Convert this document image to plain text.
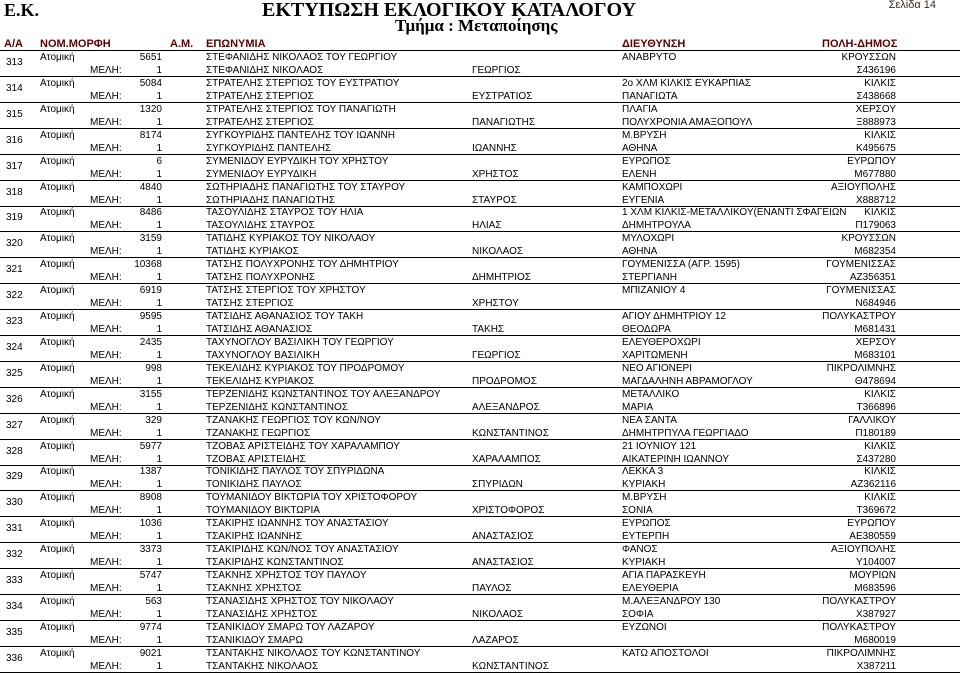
Ε.Κ.	ΕΚΤΥΠΩΣΗ ΕΚΛΟΓΙΚΟΥ ΚΑΤΑΛΟΓΟΥ
Τμήμα : Μεταποίησης
Σελίδα 14
Α/Α ΝΟΜ.ΜΟΡΦΗ	Α.Μ. ΕΠΩΝΥΜΙΑ	ΔΙΕΥΘΥΝΣΗ	ΠΟΛΗ-ΔΗΜΟΣ
313 Ατομική	5651	ΣΤΕΦΑΝΙΔΗΣ ΝΙΚΟΛΑΟΣ ΤΟΥ ΓΕΩΡΓΙΟΥ	ΑΝΑΒΡΥΤΟ	ΚΡΟΥΣΣΩΝ
ΜΕΛΗ:	1	ΣΤΕΦΑΝΙΔΗΣ ΝΙΚΟΛΑΟΣ	ΓΕΩΡΓΙΟΣ	Σ436196
314 Ατομική	5084	ΣΤΡΑΤΕΛΗΣ ΣΤΕΡΓΙΟΣ ΤΟΥ ΕΥΣΤΡΑΤΙΟΥ	2ο ΧΛΜ ΚΙΛΚΙΣ ΕΥΚΑΡΠΙΑΣ	ΚΙΛΚΙΣ
ΜΕΛΗ:	1	ΣΤΡΑΤΕΛΗΣ ΣΤΕΡΓΙΟΣ	ΕΥΣΤΡΑΤΙΟΣ	ΠΑΝΑΓΙΩΤΑ	Σ438668
315 Ατομική	1320	ΣΤΡΑΤΕΛΗΣ ΣΤΕΡΓΙΟΣ ΤΟΥ ΠΑΝΑΓΙΩΤΗ	ΠΛΑΓΙΑ	ΧΕΡΣΟΥ
ΜΕΛΗ:	1	ΣΤΡΑΤΕΛΗΣ ΣΤΕΡΓΙΟΣ	ΠΑΝΑΓΙΩΤΗΣ	ΠΟΛΥΧΡΟΝΙΑ ΑΜΑΞΟΠΟΥΛ	Ξ888973
316 Ατομική	8174	ΣΥΓΚΟΥΡΙΔΗΣ ΠΑΝΤΕΛΗΣ ΤΟΥ ΙΩΑΝΝΗ	Μ.ΒΡΥΣΗ	ΚΙΛΚΙΣ
ΜΕΛΗ:	1	ΣΥΓΚΟΥΡΙΔΗΣ ΠΑΝΤΕΛΗΣ	ΙΩΑΝΝΗΣ	ΑΘΗΝΑ	Κ495675
317 Ατομική	6	ΣΥΜΕΝΙΔΟΥ ΕΥΡΥΔΙΚΗ ΤΟΥ ΧΡΗΣΤΟΥ	ΕΥΡΩΠΟΣ	ΕΥΡΩΠΟΥ
ΜΕΛΗ:	1	ΣΥΜΕΝΙΔΟΥ ΕΥΡΥΔΙΚΗ	ΧΡΗΣΤΟΣ	ΕΛΕΝΗ	Μ677880
318 Ατομική	4840	ΣΩΤΗΡΙΑΔΗΣ ΠΑΝΑΓΙΩΤΗΣ ΤΟΥ ΣΤΑΥΡΟΥ	ΚΑΜΠΟΧΩΡΙ	ΑΞΙΟΥΠΟΛΗΣ
ΜΕΛΗ:	1	ΣΩΤΗΡΙΑΔΗΣ ΠΑΝΑΓΙΩΤΗΣ	ΣΤΑΥΡΟΣ	ΕΥΓΕΝΙΑ	Χ888712
319 Ατομική	8486	ΤΑΣΟΥΛΙΔΗΣ ΣΤΑΥΡΟΣ ΤΟΥ ΗΛΙΑ	1 ΧΛΜ ΚΙΛΚΙΣ-ΜΕΤΑΛΛΙΚΟΥ(ΕΝΑΝΤΙ ΣΦΑΓΕΙΩΝ ΚΙΛΚΙΣ
ΜΕΛΗ:	1	ΤΑΣΟΥΛΙΔΗΣ ΣΤΑΥΡΟΣ	ΗΛΙΑΣ	ΔΗΜΗΤΡΟΥΛΑ	Π179063
320 Ατομική	3159	ΤΑΤΙΔΗΣ ΚΥΡΙΑΚΟΣ ΤΟΥ ΝΙΚΟΛΑΟΥ	ΜΥΛΟΧΩΡΙ	ΚΡΟΥΣΣΩΝ
ΜΕΛΗ:	1	ΤΑΤΙΔΗΣ ΚΥΡΙΑΚΟΣ	ΝΙΚΟΛΑΟΣ	ΑΘΗΝΑ	Μ682354
321 Ατομική	10368	ΤΑΤΣΗΣ ΠΟΛΥΧΡΟΝΗΣ ΤΟΥ ΔΗΜΗΤΡΙΟΥ	ΓΟΥΜΕΝΙΣΣΑ (ΑΓΡ. 1595)	ΓΟΥΜΕΝΙΣΣΑΣ
ΜΕΛΗ:	1	ΤΑΤΣΗΣ ΠΟΛΥΧΡΟΝΗΣ	ΔΗΜΗΤΡΙΟΣ	ΣΤΕΡΓΙΑΝΗ	ΑΖ356351
322 Ατομική	6919	ΤΑΤΣΗΣ ΣΤΕΡΓΙΟΣ ΤΟΥ ΧΡΗΣΤΟΥ	ΜΠΙΖΑΝΙΟΥ 4	ΓΟΥΜΕΝΙΣΣΑΣ
ΜΕΛΗ:	1	ΤΑΤΣΗΣ ΣΤΕΡΓΙΟΣ	ΧΡΗΣΤΟΥ	Ν684946
323 Ατομική	9595	ΤΑΤΣΙΔΗΣ ΑΘΑΝΑΣΙΟΣ ΤΟΥ ΤΑΚΗ	ΑΓΙΟΥ ΔΗΜΗΤΡΙΟΥ 12	ΠΟΛΥΚΑΣΤΡΟΥ
ΜΕΛΗ:	1	ΤΑΤΣΙΔΗΣ ΑΘΑΝΑΣΙΟΣ	ΤΑΚΗΣ	ΘΕΟΔΩΡΑ	Μ681431
324 Ατομική	2435	ΤΑΧΥΝΟΓΛΟΥ ΒΑΣΙΛΙΚΗ ΤΟΥ ΓΕΩΡΓΙΟΥ	ΕΛΕΥΘΕΡΟΧΩΡΙ	ΧΕΡΣΟΥ
ΜΕΛΗ:	1	ΤΑΧΥΝΟΓΛΟΥ ΒΑΣΙΛΙΚΗ	ΓΕΩΡΓΙΟΣ	ΧΑΡΙΤΩΜΕΝΗ	Μ683101
325 Ατομική	998	ΤΕΚΕΛΙΔΗΣ ΚΥΡΙΑΚΟΣ ΤΟΥ ΠΡΟΔΡΟΜΟΥ	ΝΕΟ ΑΓΙΟΝΕΡΙ	ΠΙΚΡΟΛΙΜΝΗΣ
ΜΕΛΗ:	1	ΤΕΚΕΛΙΔΗΣ ΚΥΡΙΑΚΟΣ	ΠΡΟΔΡΟΜΟΣ	ΜΑΓΔΑΛΗΝΗ ΑΒΡΑΜΟΓΛΟΥ	Θ478694
326 Ατομική	3155	ΤΕΡΖΕΝΙΔΗΣ ΚΩΝΣΤΑΝΤΙΝΟΣ ΤΟΥ ΑΛΕΞΑΝΔΡΟΥ	ΜΕΤΑΛΛΙΚΟ	ΚΙΛΚΙΣ
ΜΕΛΗ:	1	ΤΕΡΖΕΝΙΔΗΣ ΚΩΝΣΤΑΝΤΙΝΟΣ	ΑΛΕΞΑΝΔΡΟΣ	ΜΑΡΙΑ	Τ366896
327 Ατομική	329	ΤΖΑΝΑΚΗΣ ΓΕΩΡΓΙΟΣ ΤΟΥ ΚΩΝ/ΝΟΥ	ΝΕΑ ΣΑΝΤΑ	ΓΑΛΛΙΚΟΥ
ΜΕΛΗ:	1	ΤΖΑΝΑΚΗΣ ΓΕΩΡΓΙΟΣ	ΚΩΝΣΤΑΝΤΙΝΟΣ	ΔΗΜΗΤΡΠΥΛΑ ΓΕΩΡΓΙΑΔΟ	Π180189
328 Ατομική	5977	ΤΖΟΒΑΣ ΑΡΙΣΤΕΙΔΗΣ ΤΟΥ ΧΑΡΑΛΑΜΠΟΥ	21 ΙΟΥΝΙΟΥ 121	ΚΙΛΚΙΣ
ΜΕΛΗ:	1	ΤΖΟΒΑΣ ΑΡΙΣΤΕΙΔΗΣ	ΧΑΡΑΛΑΜΠΟΣ	ΑΙΚΑΤΕΡΙΝΗ ΙΩΑΝΝΟΥ	Σ437280
329 Ατομική	1387	ΤΟΝΙΚΙΔΗΣ ΠΑΥΛΟΣ ΤΟΥ ΣΠΥΡΙΔΩΝΑ	ΛΕΚΚΑ 3	ΚΙΛΚΙΣ
ΜΕΛΗ:	1	ΤΟΝΙΚΙΔΗΣ ΠΑΥΛΟΣ	ΣΠΥΡΙΔΩΝ	ΚΥΡΙΑΚΗ	ΑΖ362116
330 Ατομική	8908	ΤΟΥΜΑΝΙΔΟΥ ΒΙΚΤΩΡΙΑ ΤΟΥ ΧΡΙΣΤΟΦΟΡΟΥ	Μ.ΒΡΥΣΗ	ΚΙΛΚΙΣ
ΜΕΛΗ:	1	ΤΟΥΜΑΝΙΔΟΥ ΒΙΚΤΩΡΙΑ	ΧΡΙΣΤΟΦΟΡΟΣ	ΣΟΝΙΑ	Τ369672
331 Ατομική	1036	ΤΣΑΚΙΡΗΣ ΙΩΑΝΝΗΣ ΤΟΥ ΑΝΑΣΤΑΣΙΟΥ	ΕΥΡΩΠΟΣ	ΕΥΡΩΠΟΥ
ΜΕΛΗ:	1	ΤΣΑΚΙΡΗΣ ΙΩΑΝΝΗΣ	ΑΝΑΣΤΑΣΙΟΣ	ΕΥΤΕΡΠΗ	ΑΕ380559
332 Ατομική	3373	ΤΣΑΚΙΡΙΔΗΣ ΚΩΝ/ΝΟΣ ΤΟΥ ΑΝΑΣΤΑΣΙΟΥ	ΦΑΝΟΣ	ΑΞΙΟΥΠΟΛΗΣ
ΜΕΛΗ:	1	ΤΣΑΚΙΡΙΔΗΣ ΚΩΝΣΤΑΝΤΙΝΟΣ	ΑΝΑΣΤΑΣΙΟΣ	ΚΥΡΙΑΚΗ	Υ104007
333 Ατομική	5747	ΤΣΑΚΝΗΣ ΧΡΗΣΤΟΣ ΤΟΥ ΠΑΥΛΟΥ	ΑΓΙΑ ΠΑΡΑΣΚΕΥΗ	ΜΟΥΡΙΩΝ
ΜΕΛΗ:	1	ΤΣΑΚΝΗΣ ΧΡΗΣΤΟΣ	ΠΑΥΛΟΣ	ΕΛΕΥΘΕΡΙΑ	Μ683596
334 Ατομική	563	ΤΣΑΝΑΣΙΔΗΣ ΧΡΗΣΤΟΣ ΤΟΥ ΝΙΚΟΛΑΟΥ	Μ.ΑΛΕΞΑΝΔΡΟΥ 130	ΠΟΛΥΚΑΣΤΡΟΥ
ΜΕΛΗ:	1	ΤΣΑΝΑΣΙΔΗΣ ΧΡΗΣΤΟΣ	ΝΙΚΟΛΑΟΣ	ΣΟΦΙΑ	Χ387927
335 Ατομική	9774	ΤΣΑΝΙΚΙΔΟΥ ΣΜΑΡΩ ΤΟΥ ΛΑΖΑΡΟΥ	ΕΥΖΩΝΟΙ	ΠΟΛΥΚΑΣΤΡΟΥ
ΜΕΛΗ:	1	ΤΣΑΝΙΚΙΔΟΥ ΣΜΑΡΩ	ΛΑΖΑΡΟΣ	Μ680019
336 Ατομική	9021	ΤΣΑΝΤΑΚΗΣ ΝΙΚΟΛΑΟΣ ΤΟΥ ΚΩΝΣΤΑΝΤΙΝΟΥ	ΚΑΤΩ ΑΠΟΣΤΟΛΟΙ	ΠΙΚΡΟΛΙΜΝΗΣ
ΜΕΛΗ:	1	ΤΣΑΝΤΑΚΗΣ ΝΙΚΟΛΑΟΣ	ΚΩΝΣΤΑΝΤΙΝΟΣ	Χ387211
